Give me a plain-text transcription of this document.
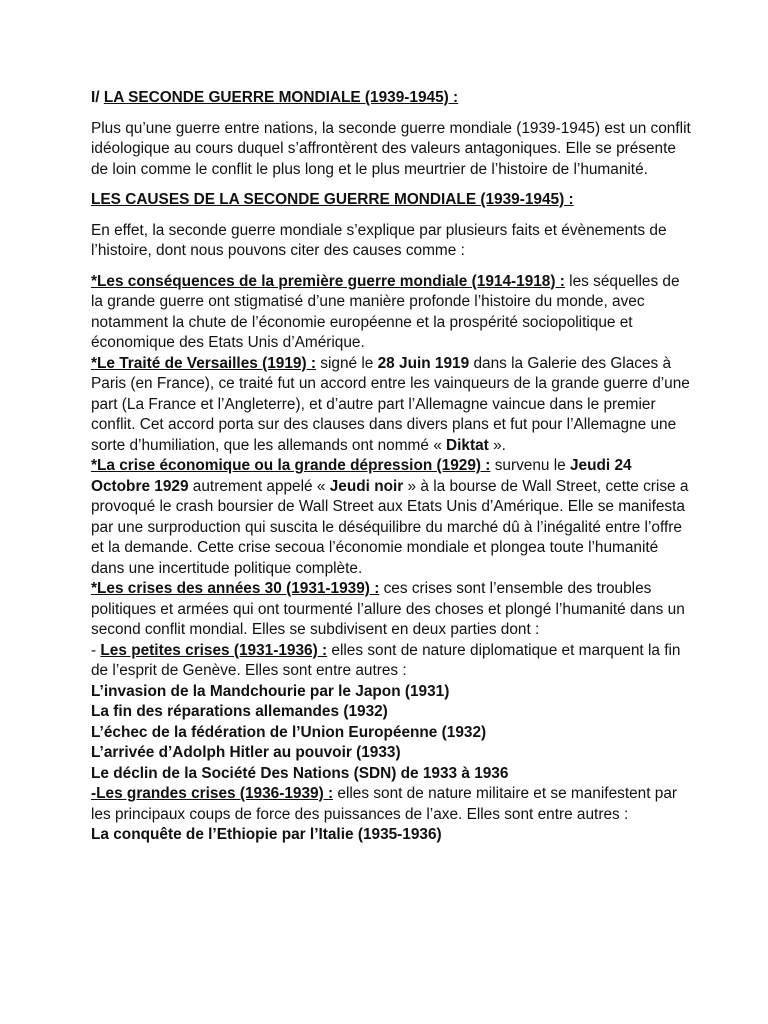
I/ LA SECONDE GUERRE MONDIALE (1939-1945) :

Plus qu’une guerre entre nations, la seconde guerre mondiale (1939-1945) est un conflit idéologique au cours duquel s’affrontèrent des valeurs antagoniques. Elle se présente de loin comme le conflit le plus long et le plus meurtrier de l’histoire de l’humanité.

LES CAUSES DE LA SECONDE GUERRE MONDIALE (1939-1945) :

En effet, la seconde guerre mondiale s’explique par plusieurs faits et évènements de l’histoire, dont nous pouvons citer des causes comme :

*Les conséquences de la première guerre mondiale (1914-1918) : les séquelles de la grande guerre ont stigmatisé d’une manière profonde l’histoire du monde, avec notamment la chute de l’économie européenne et la prospérité sociopolitique et économique des Etats Unis d’Amérique.
*Le Traité de Versailles (1919) : signé le 28 Juin 1919 dans la Galerie des Glaces à Paris (en France), ce traité fut un accord entre les vainqueurs de la grande guerre d’une part (La France et l’Angleterre), et d’autre part l’Allemagne vaincue dans le premier conflit. Cet accord porta sur des clauses dans divers plans et fut pour l’Allemagne une sorte d’humiliation, que les allemands ont nommé « Diktat ».
*La crise économique ou la grande dépression (1929) : survenu le Jeudi 24 Octobre 1929 autrement appelé « Jeudi noir » à la bourse de Wall Street, cette crise a provoqué le crash boursier de Wall Street aux Etats Unis d’Amérique. Elle se manifesta par une surproduction qui suscita le déséquilibre du marché dû à l’inégalité entre l’offre et la demande. Cette crise secoua l’économie mondiale et plongea toute l’humanité dans une incertitude politique complète.
*Les crises des années 30 (1931-1939) : ces crises sont l’ensemble des troubles politiques et armées qui ont tourmenté l’allure des choses et plongé l’humanité dans un second conflit mondial. Elles se subdivisent en deux parties dont :
- Les petites crises (1931-1936) : elles sont de nature diplomatique et marquent la fin de l’esprit de Genève. Elles sont entre autres :
L’invasion de la Mandchourie par le Japon (1931)
La fin des réparations allemandes (1932)
L’échec de la fédération de l’Union Européenne (1932)
L’arrivée d’Adolph Hitler au pouvoir (1933)
Le déclin de la Société Des Nations (SDN) de 1933 à 1936
-Les grandes crises (1936-1939) : elles sont de nature militaire et se manifestent par les principaux coups de force des puissances de l’axe. Elles sont entre autres :
La conquête de l’Ethiopie par l’Italie (1935-1936)
